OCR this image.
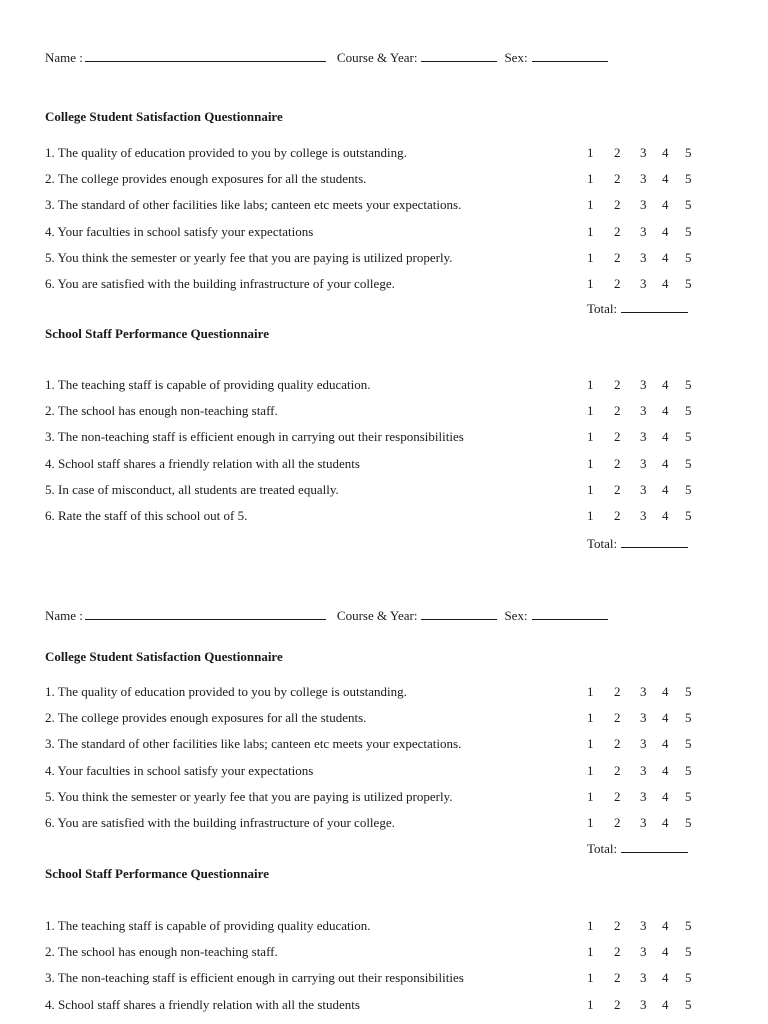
Name :	Course & Year:	Sex:
College Student Satisfaction Questionnaire
1. The quality of education provided to you by college is outstanding.	1 2 3 4 5
2. The college provides enough exposures for all the students.	1 2 3 4 5
3. The standard of other facilities like labs; canteen etc meets your expectations.	1 2 3 4 5
4. Your faculties in school satisfy your expectations	1 2 3 4 5
5. You think the semester or yearly fee that you are paying is utilized properly.	1 2 3 4 5
6. You are satisfied with the building infrastructure of your college.	1 2 3 4 5
Total:
School Staff Performance Questionnaire
1. The teaching staff is capable of providing quality education.	1 2 3 4 5
2. The school has enough non-teaching staff.	1 2 3 4 5
3. The non-teaching staff is efficient enough in carrying out their responsibilities	1 2 3 4 5
4. School staff shares a friendly relation with all the students	1 2 3 4 5
5. In case of misconduct, all students are treated equally.	1 2 3 4 5
6. Rate the staff of this school out of 5.	1 2 3 4 5
Total:
Name :	Course & Year:	Sex:
College Student Satisfaction Questionnaire
1. The quality of education provided to you by college is outstanding.	1 2 3 4 5
2. The college provides enough exposures for all the students.	1 2 3 4 5
3. The standard of other facilities like labs; canteen etc meets your expectations.	1 2 3 4 5
4. Your faculties in school satisfy your expectations	1 2 3 4 5
5. You think the semester or yearly fee that you are paying is utilized properly.	1 2 3 4 5
6. You are satisfied with the building infrastructure of your college.	1 2 3 4 5
Total:
School Staff Performance Questionnaire
1. The teaching staff is capable of providing quality education.	1 2 3 4 5
2. The school has enough non-teaching staff.	1 2 3 4 5
3. The non-teaching staff is efficient enough in carrying out their responsibilities	1 2 3 4 5
4. School staff shares a friendly relation with all the students	1 2 3 4 5
